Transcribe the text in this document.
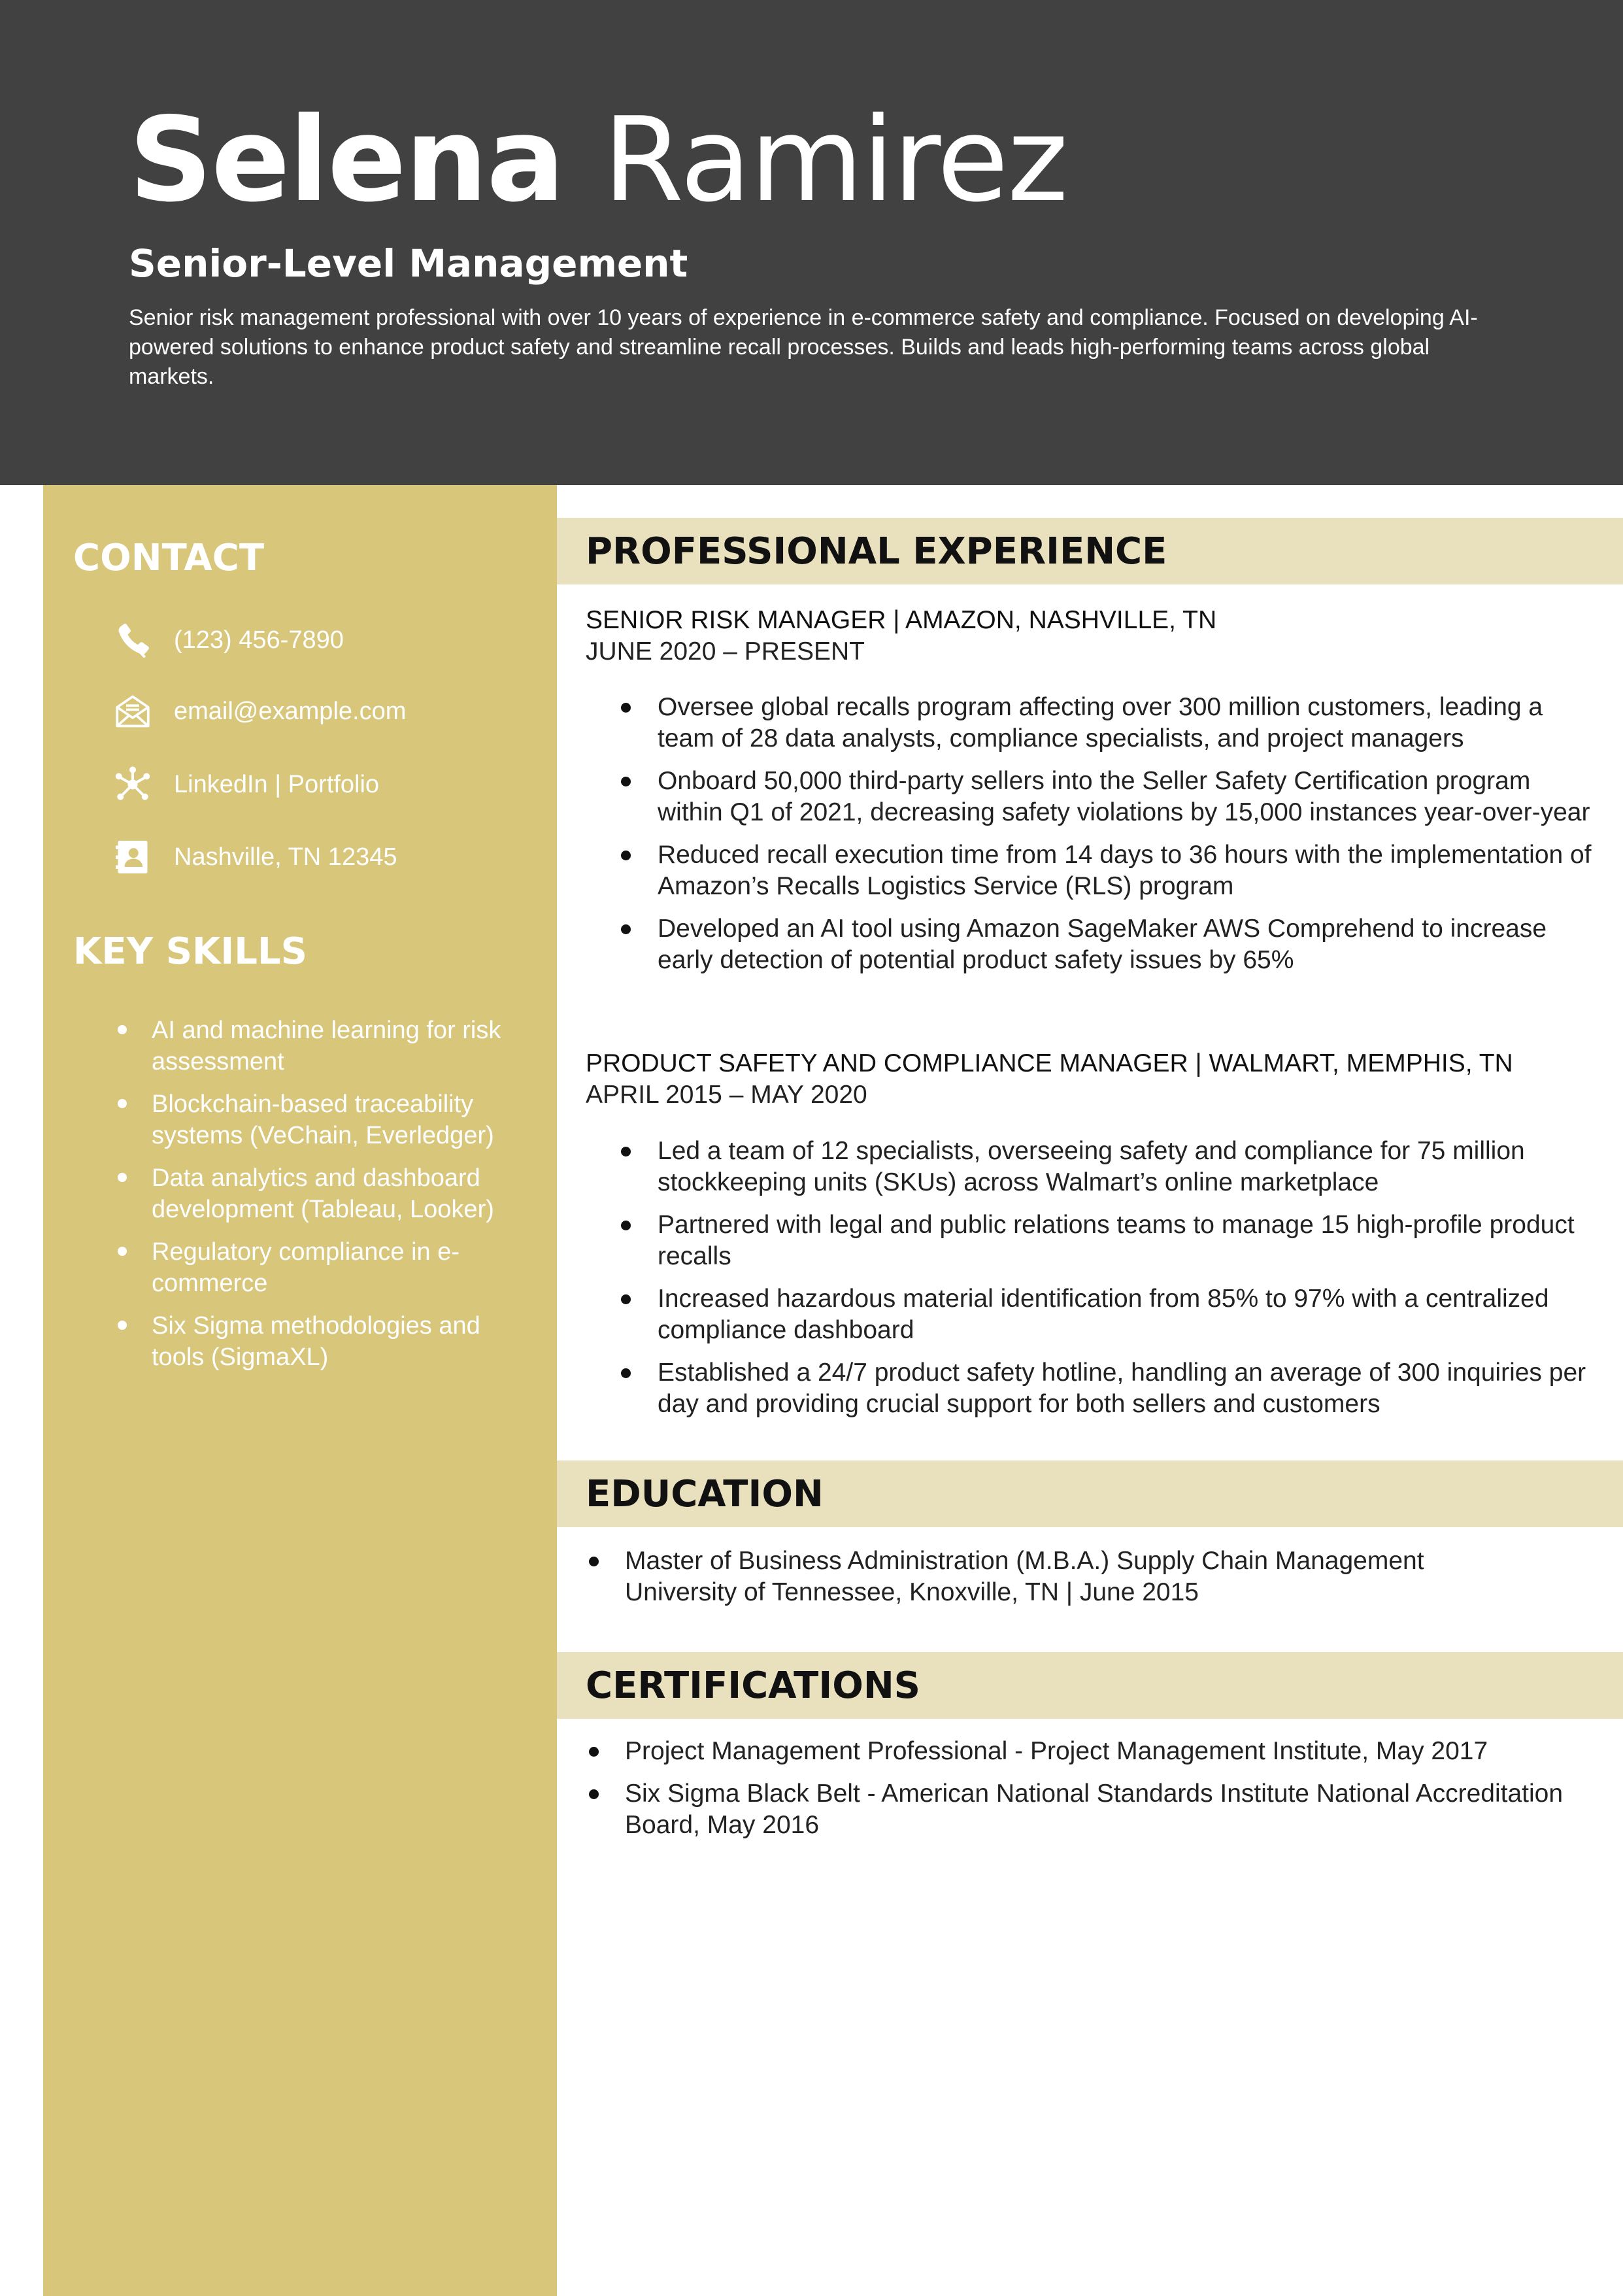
Selena Ramirez
Senior-Level Management

Senior risk management professional with over 10 years of experience in e-commerce safety and compliance. Focused on developing AI-powered solutions to enhance product safety and streamline recall processes. Builds and leads high-performing teams across global markets.

CONTACT
(123) 456-7890
email@example.com
LinkedIn | Portfolio
Nashville, TN 12345
KEY SKILLS
AI and machine learning for risk assessment
Blockchain-based traceability systems (VeChain, Everledger)
Data analytics and dashboard development (Tableau, Looker)
Regulatory compliance in e-commerce
Six Sigma methodologies and tools (SigmaXL)
PROFESSIONAL EXPERIENCE

SENIOR RISK MANAGER | AMAZON, NASHVILLE, TN

JUNE 2020 – PRESENT

Oversee global recalls program affecting over 300 million customers, leading a team of 28 data analysts, compliance specialists, and project managers
Onboard 50,000 third-party sellers into the Seller Safety Certification program within Q1 of 2021, decreasing safety violations by 15,000 instances year-over-year
Reduced recall execution time from 14 days to 36 hours with the implementation of Amazon’s Recalls Logistics Service (RLS) program
Developed an AI tool using Amazon SageMaker AWS Comprehend to increase early detection of potential product safety issues by 65%

PRODUCT SAFETY AND COMPLIANCE MANAGER | WALMART, MEMPHIS, TN

APRIL 2015 – MAY 2020

Led a team of 12 specialists, overseeing safety and compliance for 75 million stockkeeping units (SKUs) across Walmart’s online marketplace
Partnered with legal and public relations teams to manage 15 high-profile product recalls
Increased hazardous material identification from 85% to 97% with a centralized compliance dashboard
Established a 24/7 product safety hotline, handling an average of 300 inquiries per day and providing crucial support for both sellers and customers
EDUCATION
Master of Business Administration (M.B.A.) Supply Chain Management
University of Tennessee, Knoxville, TN | June 2015
CERTIFICATIONS
Project Management Professional - Project Management Institute, May 2017
Six Sigma Black Belt - American National Standards Institute National Accreditation Board, May 2016
